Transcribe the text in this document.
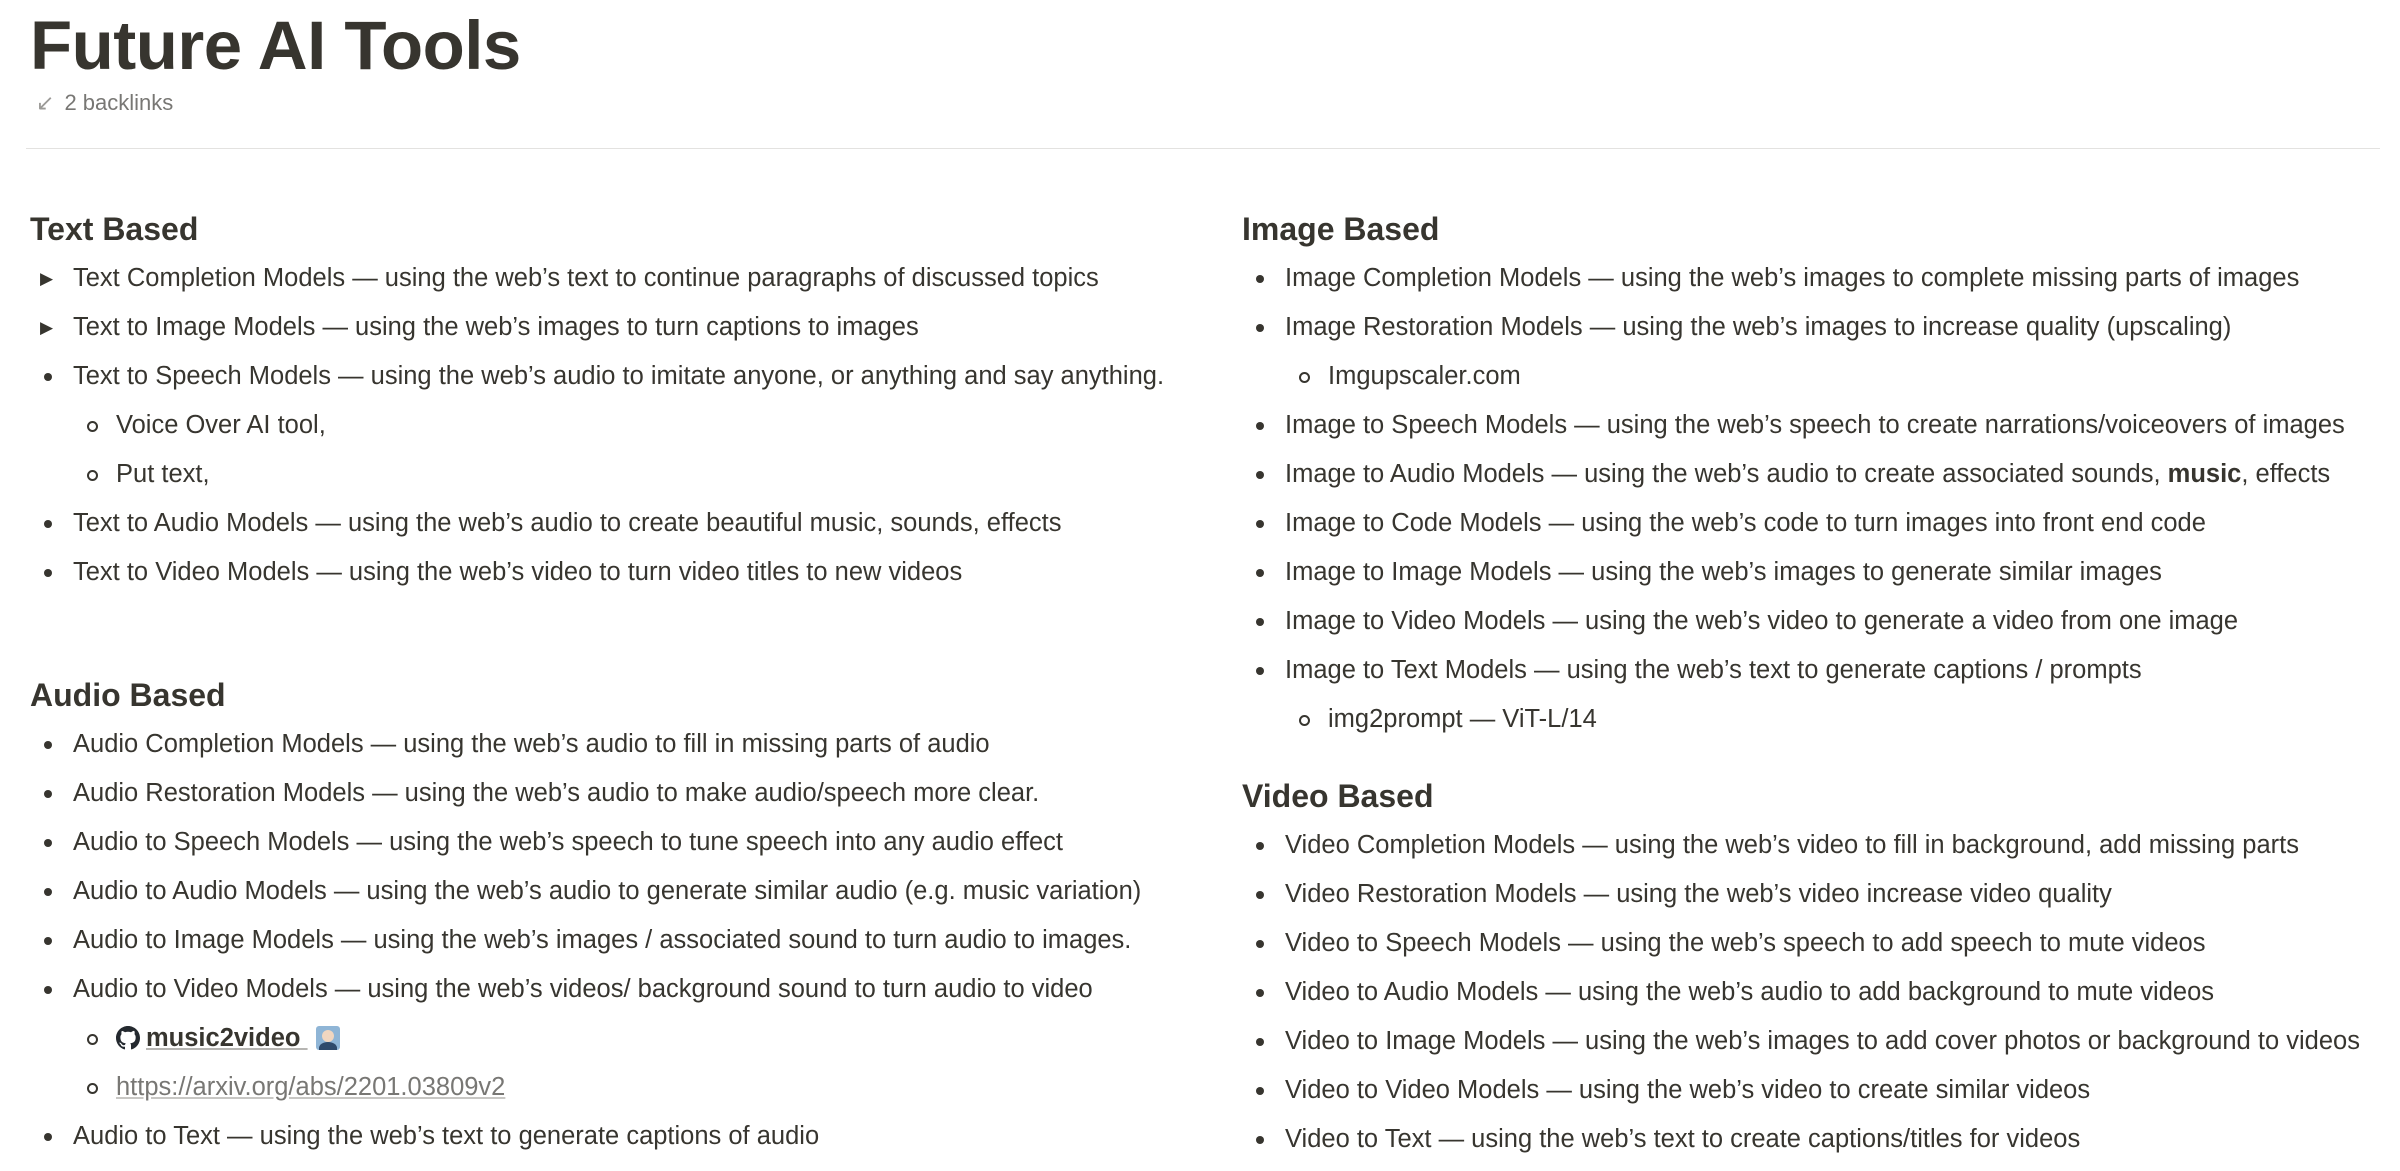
Future AI Tools
↙ 2 backlinks
Text Based
▶ Text Completion Models — using the web’s text to continue paragraphs of discussed topics
▶ Text to Image Models — using the web’s images to turn captions to images
Text to Speech Models — using the web’s audio to imitate anyone, or anything and say anything.
Voice Over AI tool,
Put text,
Text to Audio Models — using the web’s audio to create beautiful music, sounds, effects
Text to Video Models — using the web’s video to turn video titles to new videos
Audio Based
Audio Completion Models — using the web’s audio to fill in missing parts of audio
Audio Restoration Models — using the web’s audio to make audio/speech more clear.
Audio to Speech Models — using the web’s speech to tune speech into any audio effect
Audio to Audio Models — using the web’s audio to generate similar audio (e.g. music variation)
Audio to Image Models — using the web’s images / associated sound to turn audio to images.
Audio to Video Models — using the web’s videos/ background sound to turn audio to video
music2video
https://arxiv.org/abs/2201.03809v2
Audio to Text — using the web’s text to generate captions of audio
Image Based
Image Completion Models — using the web’s images to complete missing parts of images
Image Restoration Models — using the web’s images to increase quality (upscaling)
Imgupscaler.com
Image to Speech Models — using the web’s speech to create narrations/voiceovers of images
Image to Audio Models — using the web’s audio to create associated sounds, music, effects
Image to Code Models — using the web’s code to turn images into front end code
Image to Image Models — using the web’s images to generate similar images
Image to Video Models — using the web’s video to generate a video from one image
Image to Text Models — using the web’s text to generate captions / prompts
img2prompt — ViT-L/14
Video Based
Video Completion Models — using the web’s video to fill in background, add missing parts
Video Restoration Models — using the web’s video increase video quality
Video to Speech Models — using the web’s speech to add speech to mute videos
Video to Audio Models — using the web’s audio to add background to mute videos
Video to Image Models — using the web’s images to add cover photos or background to videos
Video to Video Models — using the web’s video to create similar videos
Video to Text — using the web’s text to create captions/titles for videos
